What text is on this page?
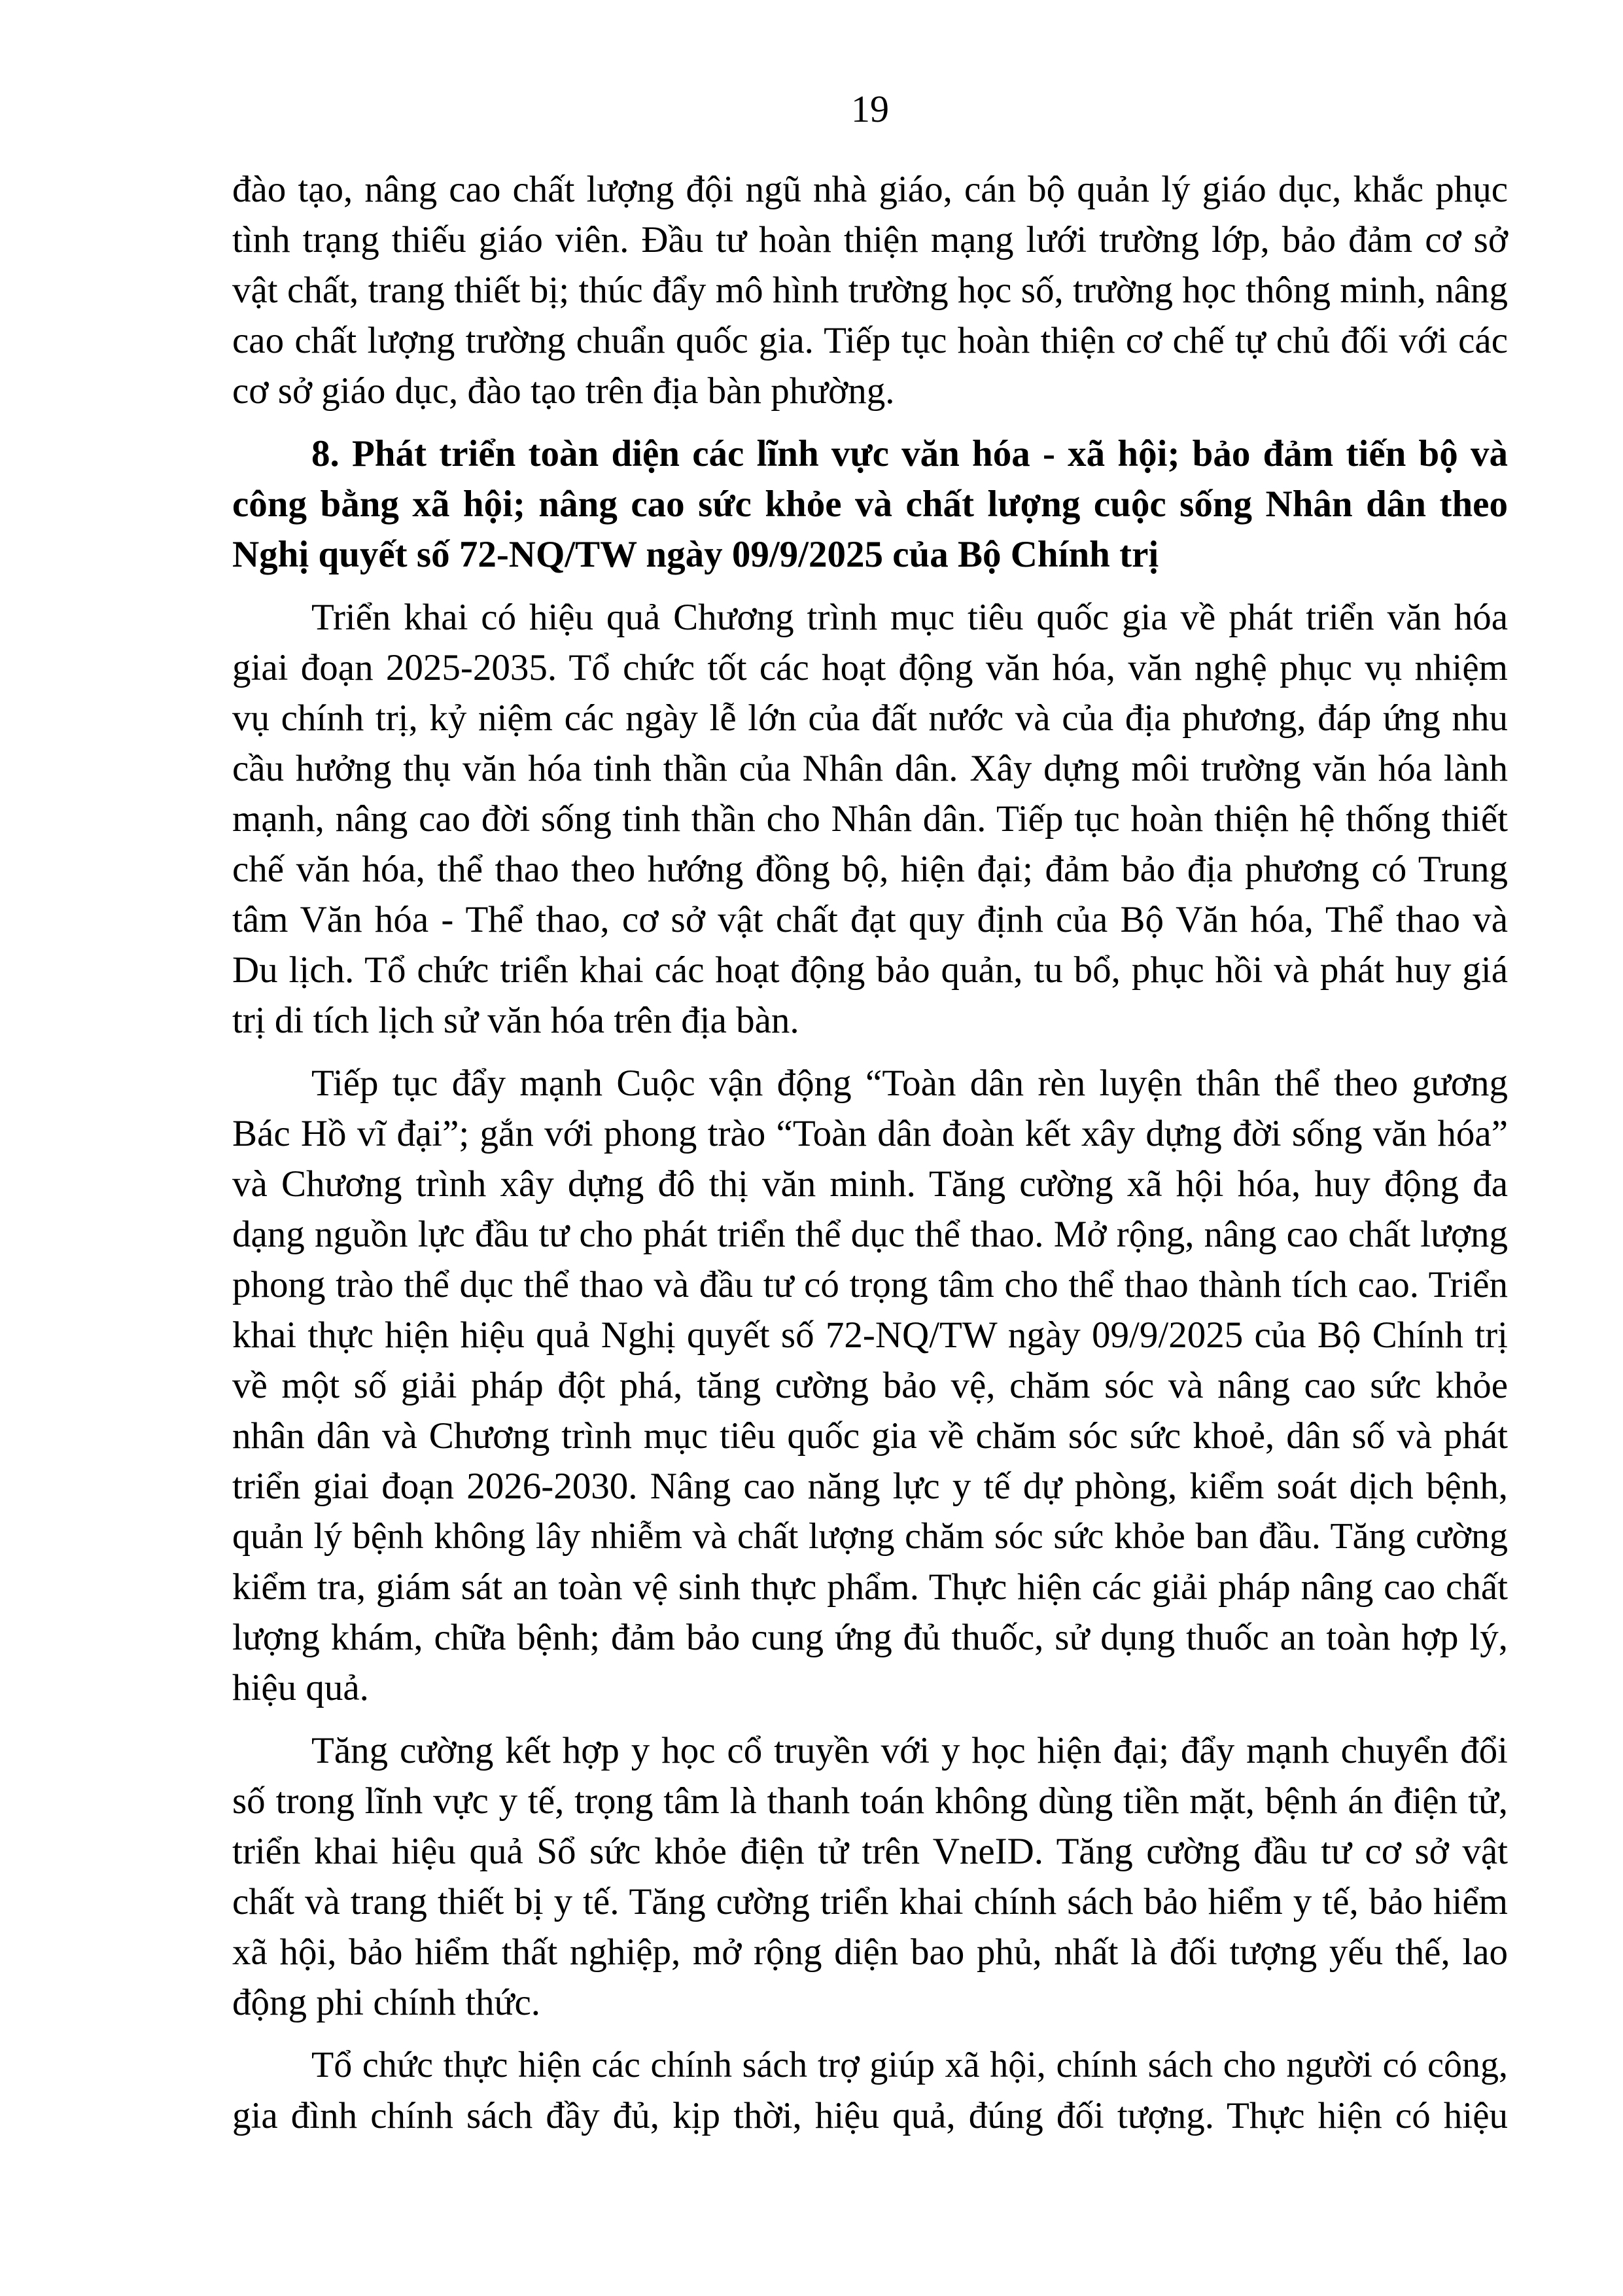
19
đào tạo, nâng cao chất lượng đội ngũ nhà giáo, cán bộ quản lý giáo dục, khắc phục
tình trạng thiếu giáo viên. Đầu tư hoàn thiện mạng lưới trường lớp, bảo đảm cơ sở
vật chất, trang thiết bị; thúc đẩy mô hình trường học số, trường học thông minh, nâng
cao chất lượng trường chuẩn quốc gia. Tiếp tục hoàn thiện cơ chế tự chủ đối với các
cơ sở giáo dục, đào tạo trên địa bàn phường.
8. Phát triển toàn diện các lĩnh vực văn hóa - xã hội; bảo đảm tiến bộ và
công bằng xã hội; nâng cao sức khỏe và chất lượng cuộc sống Nhân dân theo
Nghị quyết số 72-NQ/TW ngày 09/9/2025 của Bộ Chính trị
Triển khai có hiệu quả Chương trình mục tiêu quốc gia về phát triển văn hóa
giai đoạn 2025-2035. Tổ chức tốt các hoạt động văn hóa, văn nghệ phục vụ nhiệm
vụ chính trị, kỷ niệm các ngày lễ lớn của đất nước và của địa phương, đáp ứng nhu
cầu hưởng thụ văn hóa tinh thần của Nhân dân. Xây dựng môi trường văn hóa lành
mạnh, nâng cao đời sống tinh thần cho Nhân dân. Tiếp tục hoàn thiện hệ thống thiết
chế văn hóa, thể thao theo hướng đồng bộ, hiện đại; đảm bảo địa phương có Trung
tâm Văn hóa - Thể thao, cơ sở vật chất đạt quy định của Bộ Văn hóa, Thể thao và
Du lịch. Tổ chức triển khai các hoạt động bảo quản, tu bổ, phục hồi và phát huy giá
trị di tích lịch sử văn hóa trên địa bàn.
Tiếp tục đẩy mạnh Cuộc vận động “Toàn dân rèn luyện thân thể theo gương
Bác Hồ vĩ đại”; gắn với phong trào “Toàn dân đoàn kết xây dựng đời sống văn hóa”
và Chương trình xây dựng đô thị văn minh. Tăng cường xã hội hóa, huy động đa
dạng nguồn lực đầu tư cho phát triển thể dục thể thao. Mở rộng, nâng cao chất lượng
phong trào thể dục thể thao và đầu tư có trọng tâm cho thể thao thành tích cao. Triển
khai thực hiện hiệu quả Nghị quyết số 72-NQ/TW ngày 09/9/2025 của Bộ Chính trị
về một số giải pháp đột phá, tăng cường bảo vệ, chăm sóc và nâng cao sức khỏe
nhân dân và Chương trình mục tiêu quốc gia về chăm sóc sức khoẻ, dân số và phát
triển giai đoạn 2026-2030. Nâng cao năng lực y tế dự phòng, kiểm soát dịch bệnh,
quản lý bệnh không lây nhiễm và chất lượng chăm sóc sức khỏe ban đầu. Tăng cường
kiểm tra, giám sát an toàn vệ sinh thực phẩm. Thực hiện các giải pháp nâng cao chất
lượng khám, chữa bệnh; đảm bảo cung ứng đủ thuốc, sử dụng thuốc an toàn hợp lý,
hiệu quả.
Tăng cường kết hợp y học cổ truyền với y học hiện đại; đẩy mạnh chuyển đổi
số trong lĩnh vực y tế, trọng tâm là thanh toán không dùng tiền mặt, bệnh án điện tử,
triển khai hiệu quả Sổ sức khỏe điện tử trên VneID. Tăng cường đầu tư cơ sở vật
chất và trang thiết bị y tế. Tăng cường triển khai chính sách bảo hiểm y tế, bảo hiểm
xã hội, bảo hiểm thất nghiệp, mở rộng diện bao phủ, nhất là đối tượng yếu thế, lao
động phi chính thức.
Tổ chức thực hiện các chính sách trợ giúp xã hội, chính sách cho người có công,
gia đình chính sách đầy đủ, kịp thời, hiệu quả, đúng đối tượng. Thực hiện có hiệu
